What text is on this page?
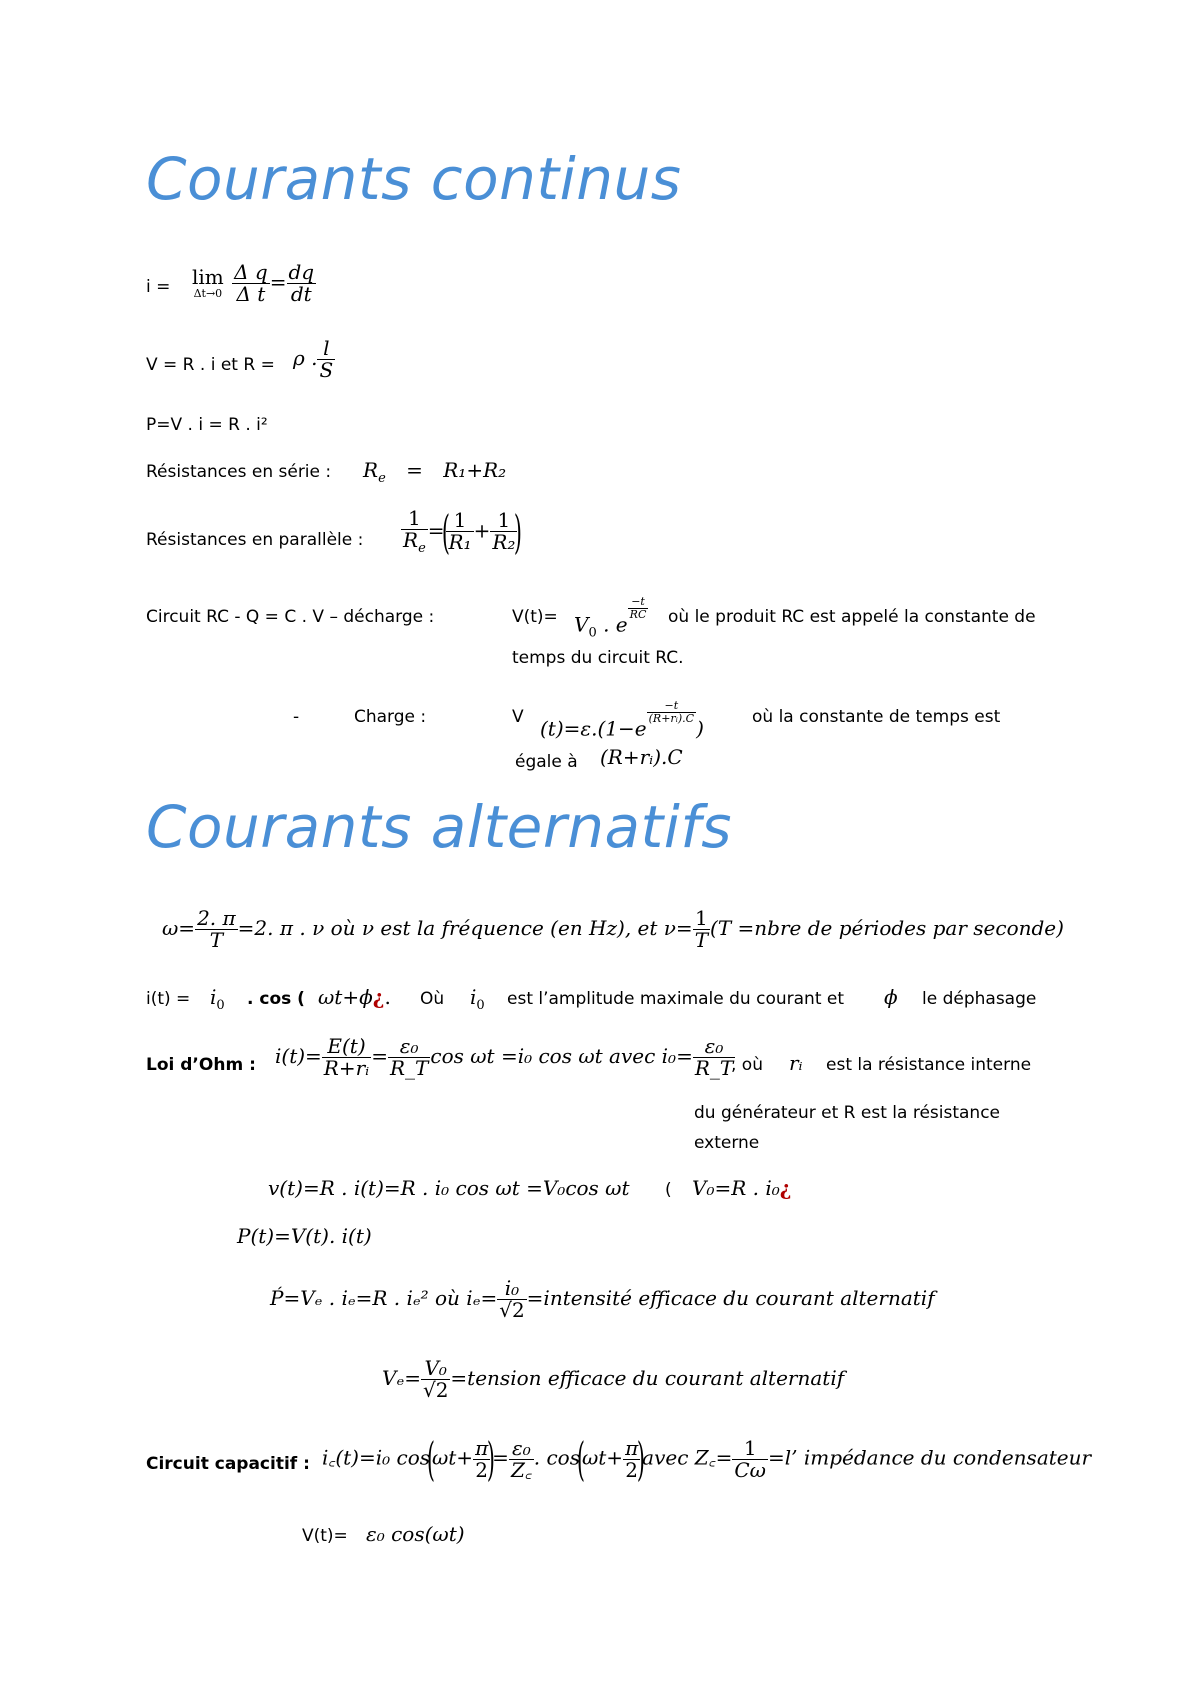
Courants continus
i = lim
Δt→0
$\frac{\text{Δ q}}{\text{Δ t}} = \frac{dq}{dt}$
V = R . i et R = ρ . $\frac{l}{S}$
P=V . i = R . i²
Résistances en série : $R_e = R_1+R_2$
Résistances en parallèle : $\frac{1}{R_e}$ =(
$\frac{1}{\text{R₁}} + \frac{1}{\text{R₂}}$
)
Circuit RC - Q = C . V – décharge :	$V(t)= V_0$ . e
$\frac{-t}{RC}$ où le produit RC est appelé la constante de
temps du circuit RC.
-	Charge :	V (t)=ε.(1−e
$\frac{-t}{\text{(R+rᵢ).C}}$
)	où la constante de temps est
égale à (R+rᵢ).C
Courants alternatifs
$\omega= \frac{2. \pi}{T} =2$. π . ν où ν est la fréquence (en Hz), et $\nu= \frac{1}{T} (T$ =nbre de périodes par seconde)
$i(t) = i_0$ . cos ( ωt+ϕ¿. Où $i_0$ est l’amplitude maximale du courant et ϕ le déphasage
Loi d’Ohm : $i(t)= \frac{E(t)}{\text{R+rᵢ}} = \frac{\text{ε₀}}{R\_T}$ cos ωt =i₀ cos ωt avec $i_0= \frac{\text{ε₀}}{R\_T}$
, où rᵢ est la résistance interne
du générateur et R est la résistance
externe
v(t)=R . i(t)=R . i₀ cos ωt =V₀cos ωt ( V₀=R . i₀¿
P(t)=V(t). i(t)
Ṕ=Vₑ . iₑ=R . iₑ² où $i_e= \frac{\text{i₀}}{√2}$ =intensité efficace du courant alternatif
$V_e= \frac{\text{V₀}}{√2}$ =tension efficace du courant alternatif
Circuit capacitif : i꜀(t)=i₀ $\cos(\omega t+ \frac{\pi}{2}$
)= $\frac{\text{ε₀}}{Z꜀}$ . $\cos(\omega t+ \frac{\pi}{2}$
)avec Z꜀= $\frac{1}{C\omega} =l$’ impédance du condensateur
V(t)= ε₀ cos(ωt)
